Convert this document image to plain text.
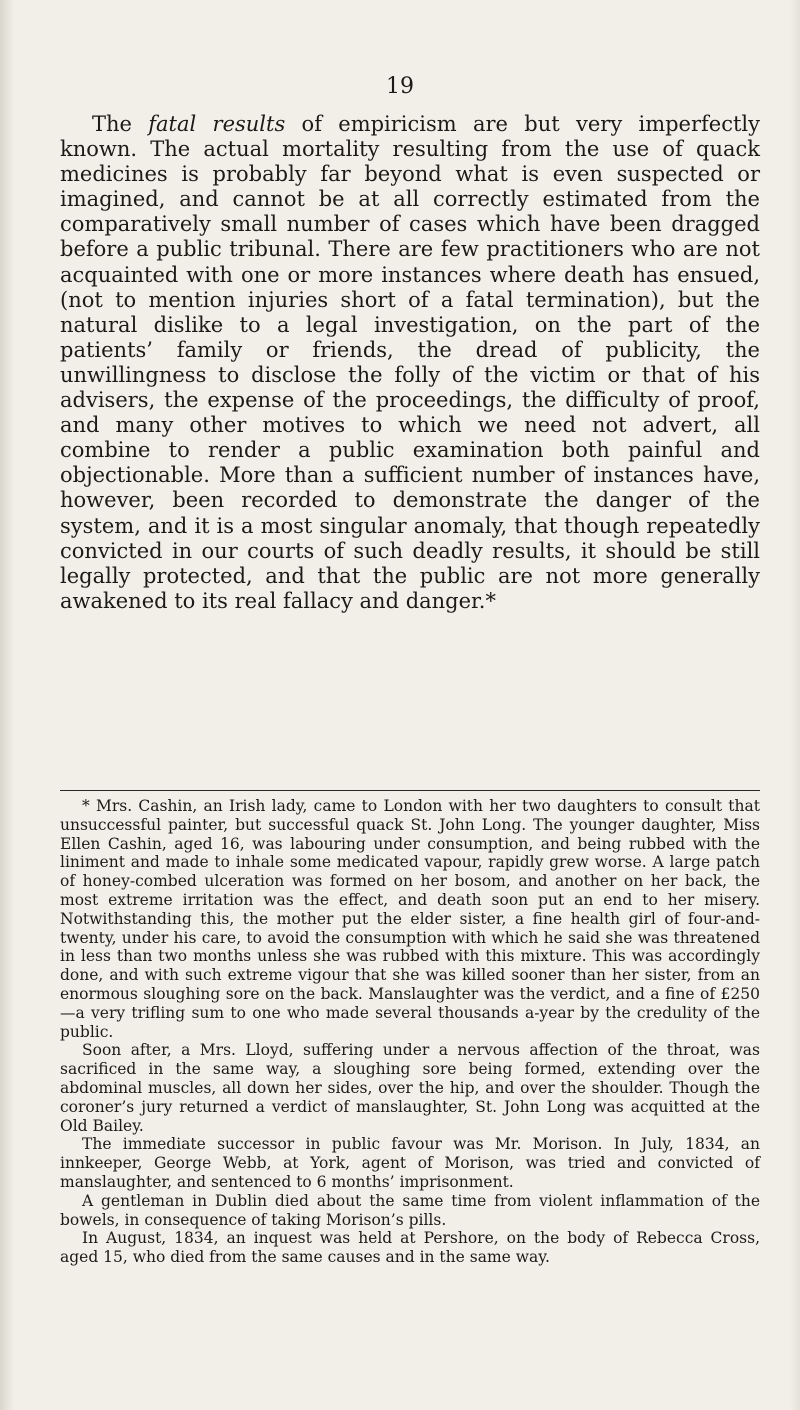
19

The fatal results of empiricism are but very imperfectly known. The actual mortality resulting from the use of quack medicines is probably far beyond what is even suspected or imagined, and cannot be at all correctly estimated from the comparatively small number of cases which have been dragged before a public tribunal. There are few practitioners who are not acquainted with one or more instances where death has ensued, (not to mention injuries short of a fatal termination), but the natural dislike to a legal investigation, on the part of the patients’ family or friends, the dread of publicity, the unwillingness to disclose the folly of the victim or that of his advisers, the expense of the proceedings, the difficulty of proof, and many other motives to which we need not advert, all combine to render a public examination both painful and objectionable. More than a sufficient number of instances have, however, been recorded to demonstrate the danger of the system, and it is a most singular anomaly, that though repeatedly convicted in our courts of such deadly results, it should be still legally protected, and that the public are not more generally awakened to its real fallacy and danger.*

* Mrs. Cashin, an Irish lady, came to London with her two daughters to consult that unsuccessful painter, but successful quack St. John Long. The younger daughter, Miss Ellen Cashin, aged 16, was labouring under consumption, and being rubbed with the liniment and made to inhale some medicated vapour, rapidly grew worse. A large patch of honey-combed ulceration was formed on her bosom, and another on her back, the most extreme irritation was the effect, and death soon put an end to her misery. Notwithstanding this, the mother put the elder sister, a fine health girl of four-and-twenty, under his care, to avoid the consumption with which he said she was threatened in less than two months unless she was rubbed with this mixture. This was accordingly done, and with such extreme vigour that she was killed sooner than her sister, from an enormous sloughing sore on the back. Manslaughter was the verdict, and a fine of £250—a very trifling sum to one who made several thousands a-year by the credulity of the public.

Soon after, a Mrs. Lloyd, suffering under a nervous affection of the throat, was sacrificed in the same way, a sloughing sore being formed, extending over the abdominal muscles, all down her sides, over the hip, and over the shoulder. Though the coroner’s jury returned a verdict of manslaughter, St. John Long was acquitted at the Old Bailey.

The immediate successor in public favour was Mr. Morison. In July, 1834, an innkeeper, George Webb, at York, agent of Morison, was tried and convicted of manslaughter, and sentenced to 6 months’ imprisonment.

A gentleman in Dublin died about the same time from violent inflammation of the bowels, in consequence of taking Morison’s pills.

In August, 1834, an inquest was held at Pershore, on the body of Rebecca Cross, aged 15, who died from the same causes and in the same way.
